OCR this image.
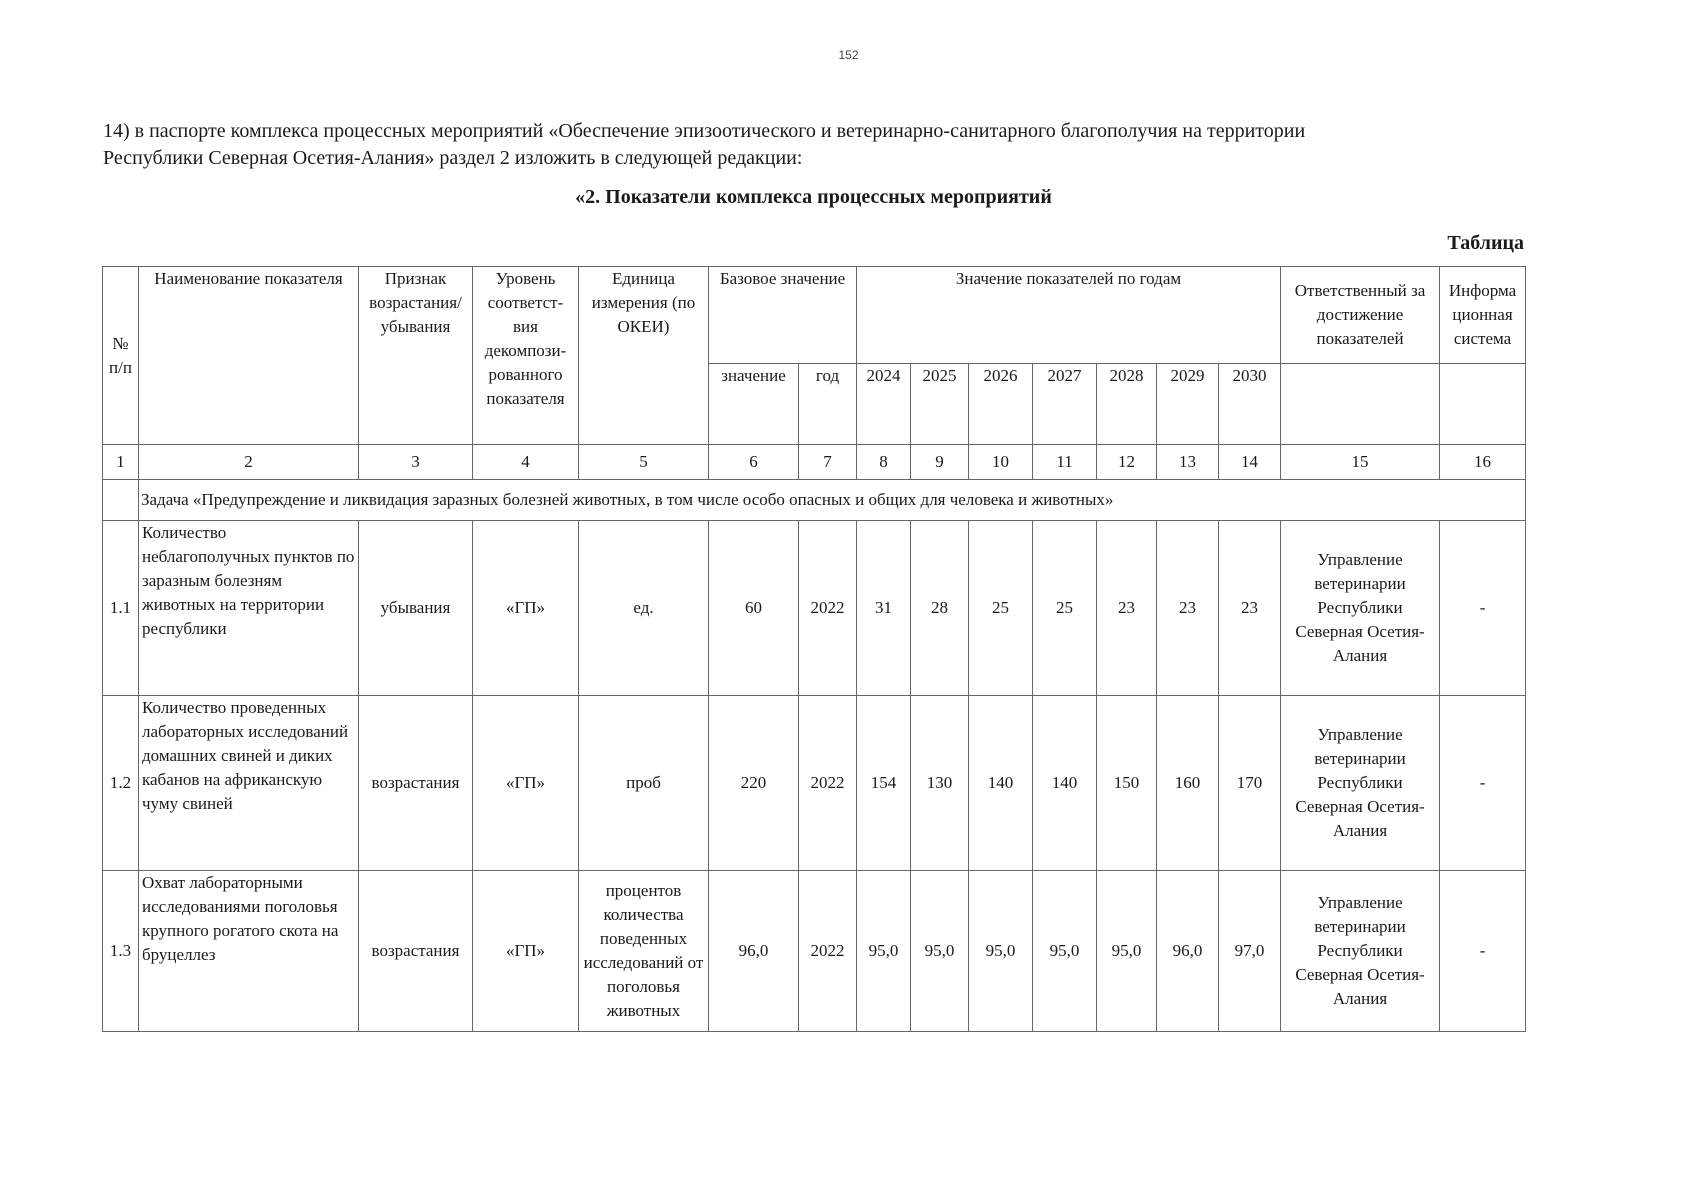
152
14) в паспорте комплекса процессных мероприятий «Обеспечение эпизоотического и ветеринарно-санитарного благополучия на территории
Республики Северная Осетия-Алания» раздел 2 изложить в следующей редакции:
«2. Показатели комплекса процессных мероприятий
Таблица
№ п/п	Наименование показателя	Признак возрастания/ убывания	Уровень соответст- вия декомпози- рованного показателя	Единица измерения (по ОКЕИ)	Базовое значение		Значение показателей по годам							Ответственный за достижение показателей	Информа ционная система
					значение	год	2024	2025	2026	2027	2028	2029	2030		
1	2	3	4	5	6	7	8	9	10	11	12	13	14	15	16
	Задача «Предупреждение и ликвидация заразных болезней животных, в том числе особо опасных и общих для человека и животных»														
1.1	Количество неблагополучных пунктов по заразным болезням животных на территории республики	убывания	«ГП»	ед.	60	2022	31	28	25	25	23	23	23	Управление ветеринарии Республики Северная Осетия-Алания	-
1.2	Количество проведенных лабораторных исследований домашних свиней и диких кабанов на африканскую чуму свиней	возрастания	«ГП»	проб	220	2022	154	130	140	140	150	160	170	Управление ветеринарии Республики Северная Осетия-Алания	-
1.3	Охват лабораторными исследованиями поголовья крупного рогатого скота на бруцеллез	возрастания	«ГП»	процентов количества поведенных исследований от поголовья животных	96,0	2022	95,0	95,0	95,0	95,0	95,0	96,0	97,0	Управление ветеринарии Республики Северная Осетия-Алания	-
